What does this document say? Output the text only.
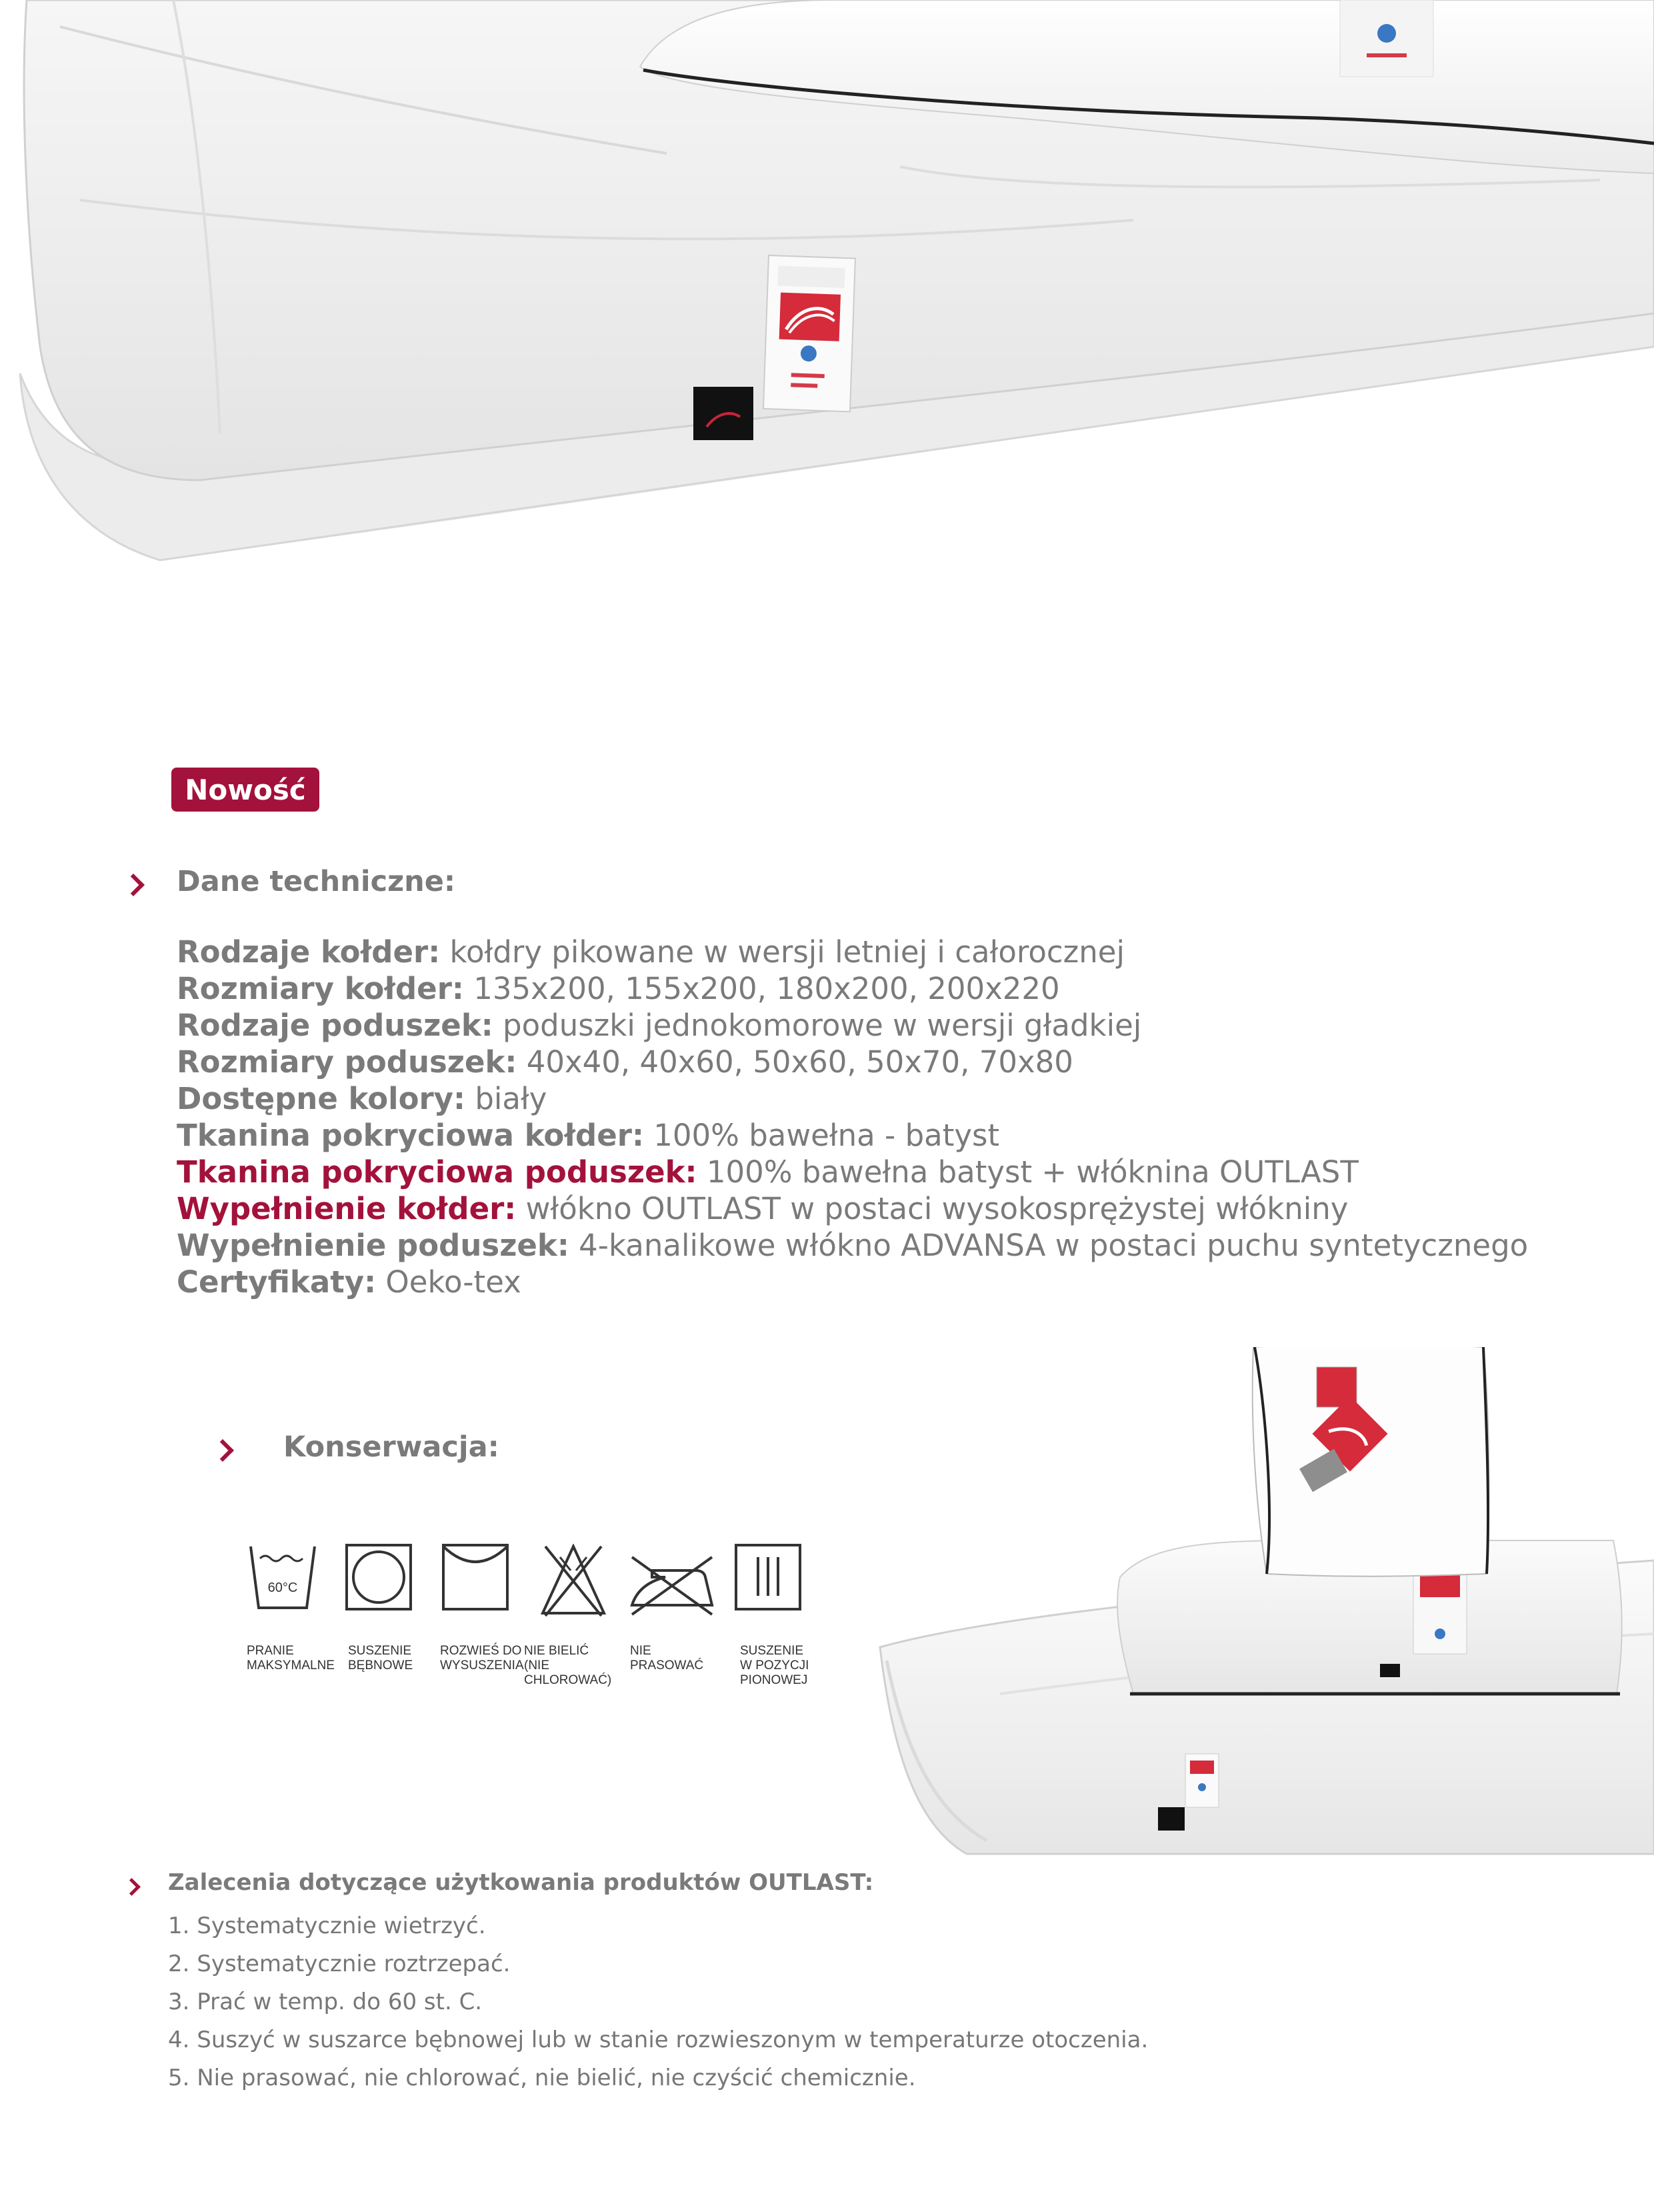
Nowość
Dane techniczne:
Rodzaje kołder: kołdry pikowane w wersji letniej i całorocznej
Rozmiary kołder: 135x200, 155x200, 180x200, 200x220
Rodzaje poduszek: poduszki jednokomorowe w wersji gładkiej
Rozmiary poduszek: 40x40, 40x60, 50x60, 50x70, 70x80
Dostępne kolory: biały
Tkanina pokryciowa kołder: 100% bawełna - batyst
Tkanina pokryciowa poduszek: 100% bawełna batyst + włóknina OUTLAST
Wypełnienie kołder: włókno OUTLAST w postaci wysokosprężystej włókniny
Wypełnienie poduszek: 4-kanalikowe włókno ADVANSA w postaci puchu syntetycznego
Certyfikaty: Oeko-tex
Konserwacja:
60°C
PRANIE
MAKSYMALNE
SUSZENIE
BĘBNOWE
ROZWIEŚ DO
WYSUSZENIA
NIE BIELIĆ
(NIE CHLOROWAĆ)
NIE PRASOWAĆ
SUSZENIE
W POZYCJI
PIONOWEJ
Zalecenia dotyczące użytkowania produktów OUTLAST:
1. Systematycznie wietrzyć.
2. Systematycznie roztrzepać.
3. Prać w temp. do 60 st. C.
4. Suszyć w suszarce bębnowej lub w stanie rozwieszonym w temperaturze otoczenia.
5. Nie prasować, nie chlorować, nie bielić, nie czyścić chemicznie.
